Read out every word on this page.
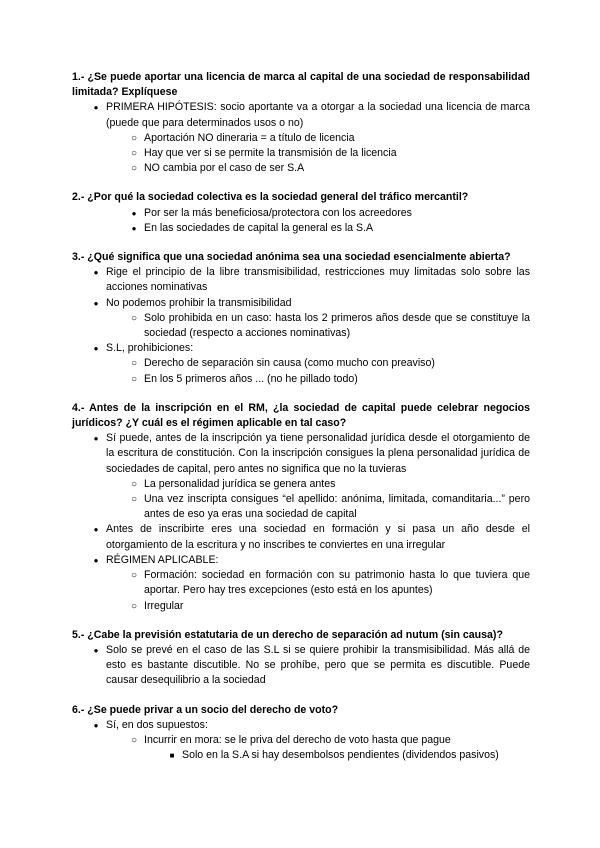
1.- ¿Se puede aportar una licencia de marca al capital de una sociedad de responsabilidad limitada? Explíquese

●
PRIMERA HIPÓTESIS: socio aportante va a otorgar a la sociedad una licencia de marca (puede que para determinados usos o no)
○
Aportación NO dineraria = a título de licencia
○
Hay que ver si se permite la transmisión de la licencia
○
NO cambia por el caso de ser S.A

2.- ¿Por qué la sociedad colectiva es la sociedad general del tráfico mercantil?

●
Por ser la más beneficiosa/protectora con los acreedores
●
En las sociedades de capital la general es la S.A

3.- ¿Qué significa que una sociedad anónima sea una sociedad esencialmente abierta?

●
Rige el principio de la libre transmisibilidad, restricciones muy limitadas solo sobre las acciones nominativas
●
No podemos prohibir la transmisibilidad
○
Solo prohibida en un caso: hasta los 2 primeros años desde que se constituye la sociedad (respecto a acciones nominativas)
●
S.L, prohibiciones:
○
Derecho de separación sin causa (como mucho con preaviso)
○
En los 5 primeros años ... (no he pillado todo)

4.- Antes de la inscripción en el RM, ¿la sociedad de capital puede celebrar negocios jurídicos? ¿Y cuál es el régimen aplicable en tal caso?

●
Sí puede, antes de la inscripción ya tiene personalidad jurídica desde el otorgamiento de la escritura de constitución. Con la inscripción consigues la plena personalidad jurídica de sociedades de capital, pero antes no significa que no la tuvieras
○
La personalidad jurídica se genera antes
○
Una vez inscripta consigues “el apellido: anónima, limitada, comanditaria...” pero antes de eso ya eras una sociedad de capital
●
Antes de inscribirte eres una sociedad en formación y si pasa un año desde el otorgamiento de la escritura y no inscribes te conviertes en una irregular
●
RÉGIMEN APLICABLE:
○
Formación: sociedad en formación con su patrimonio hasta lo que tuviera que aportar. Pero hay tres excepciones (esto está en los apuntes)
○
Irregular

5.- ¿Cabe la previsión estatutaria de un derecho de separación ad nutum (sin causa)?

●
Solo se prevé en el caso de las S.L si se quiere prohibir la transmisibilidad. Más allá de esto es bastante discutible. No se prohíbe, pero que se permita es discutible. Puede causar desequilibrio a la sociedad

6.- ¿Se puede privar a un socio del derecho de voto?

●
Sí, en dos supuestos:
○
Incurrir en mora: se le priva del derecho de voto hasta que pague
■
Solo en la S.A si hay desembolsos pendientes (dividendos pasivos)
